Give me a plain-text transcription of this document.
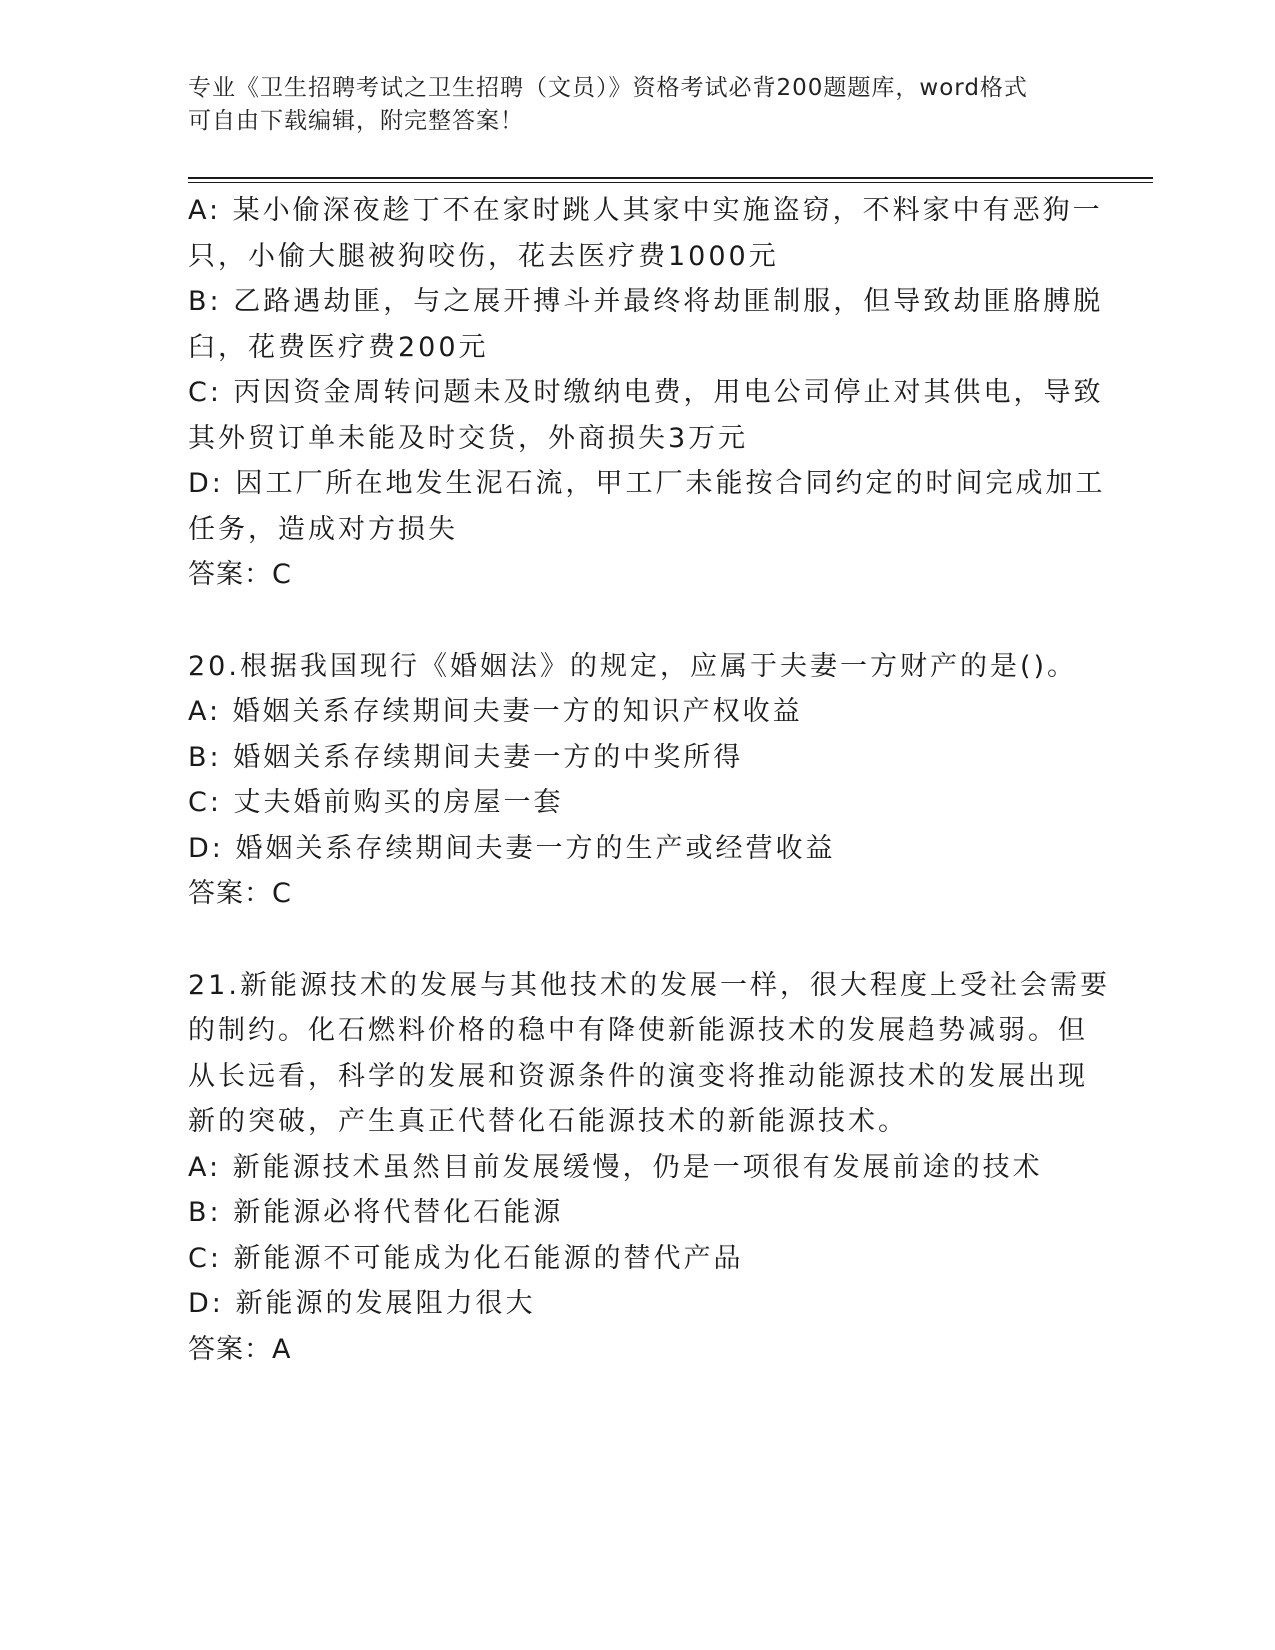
专业《卫生招聘考试之卫生招聘（文员）》资格考试必背200题题库，word格式
可自由下载编辑，附完整答案！
A: 某小偷深夜趁丁不在家时跳人其家中实施盗窃，不料家中有恶狗一
只，小偷大腿被狗咬伤，花去医疗费1000元
B: 乙路遇劫匪，与之展开搏斗并最终将劫匪制服，但导致劫匪胳膊脱
臼，花费医疗费200元
C: 丙因资金周转问题未及时缴纳电费，用电公司停止对其供电，导致
其外贸订单未能及时交货，外商损失3万元
D: 因工厂所在地发生泥石流，甲工厂未能按合同约定的时间完成加工
任务，造成对方损失
答案：C
20.根据我国现行《婚姻法》的规定，应属于夫妻一方财产的是()。
A: 婚姻关系存续期间夫妻一方的知识产权收益
B: 婚姻关系存续期间夫妻一方的中奖所得
C: 丈夫婚前购买的房屋一套
D: 婚姻关系存续期间夫妻一方的生产或经营收益
答案：C
21.新能源技术的发展与其他技术的发展一样，很大程度上受社会需要
的制约。化石燃料价格的稳中有降使新能源技术的发展趋势减弱。但
从长远看，科学的发展和资源条件的演变将推动能源技术的发展出现
新的突破，产生真正代替化石能源技术的新能源技术。
A: 新能源技术虽然目前发展缓慢，仍是一项很有发展前途的技术
B: 新能源必将代替化石能源
C: 新能源不可能成为化石能源的替代产品
D: 新能源的发展阻力很大
答案：A
